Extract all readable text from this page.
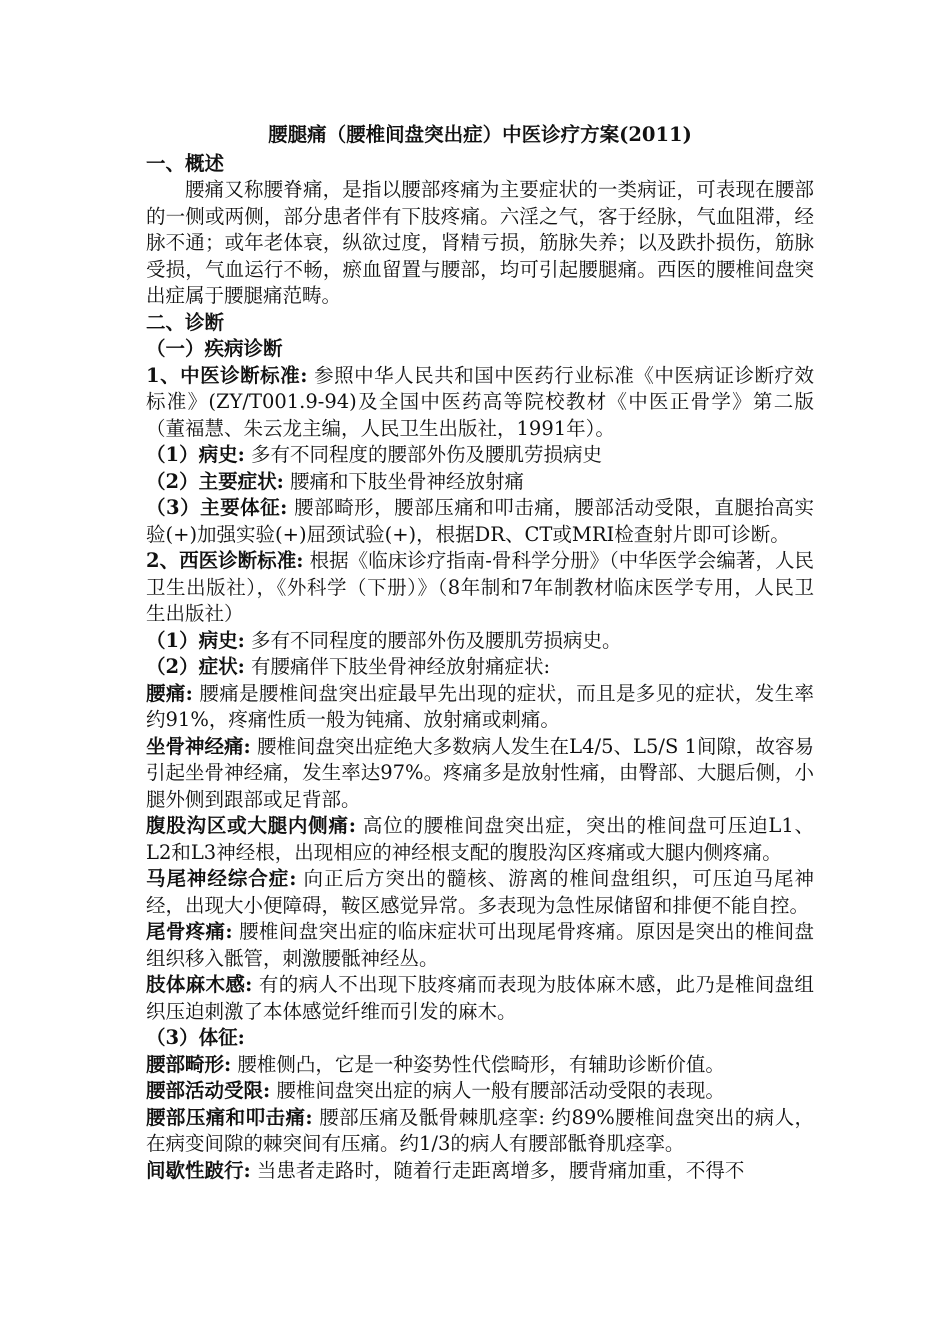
腰腿痛（腰椎间盘突出症）中医诊疗方案(2011)
一、概述

腰痛又称腰脊痛，是指以腰部疼痛为主要症状的一类病证，可表现在腰部的一侧或两侧，部分患者伴有下肢疼痛。六淫之气，客于经脉，气血阻滞，经脉不通；或年老体衰，纵欲过度，肾精亏损，筋脉失养；以及跌扑损伤，筋脉受损，气血运行不畅，瘀血留置与腰部，均可引起腰腿痛。西医的腰椎间盘突出症属于腰腿痛范畴。

二、诊断
（一）疾病诊断

1、中医诊断标准: 参照中华人民共和国中医药行业标准《中医病证诊断疗效标准》(ZY/T001.9-94)及全国中医药高等院校教材《中医正骨学》第二版（董福慧、朱云龙主编，人民卫生出版社，1991年）。

（1）病史: 多有不同程度的腰部外伤及腰肌劳损病史

（2）主要症状: 腰痛和下肢坐骨神经放射痛

（3）主要体征: 腰部畸形，腰部压痛和叩击痛，腰部活动受限，直腿抬高实验(+)加强实验(+)屈颈试验(+)，根据DR、CT或MRI检查射片即可诊断。

2、西医诊断标准: 根据《临床诊疗指南-骨科学分册》（中华医学会编著，人民卫生出版社），《外科学（下册）》（8年制和7年制教材临床医学专用，人民卫生出版社）

（1）病史: 多有不同程度的腰部外伤及腰肌劳损病史。

（2）症状: 有腰痛伴下肢坐骨神经放射痛症状:

腰痛: 腰痛是腰椎间盘突出症最早先出现的症状，而且是多见的症状，发生率约91%，疼痛性质一般为钝痛、放射痛或刺痛。

坐骨神经痛: 腰椎间盘突出症绝大多数病人发生在L4/5、L5/S 1间隙，故容易引起坐骨神经痛，发生率达97%。疼痛多是放射性痛，由臀部、大腿后侧，小腿外侧到跟部或足背部。

腹股沟区或大腿内侧痛: 高位的腰椎间盘突出症，突出的椎间盘可压迫L1、L2和L3神经根，出现相应的神经根支配的腹股沟区疼痛或大腿内侧疼痛。

马尾神经综合症: 向正后方突出的髓核、游离的椎间盘组织，可压迫马尾神经，出现大小便障碍，鞍区感觉异常。多表现为急性尿储留和排便不能自控。

尾骨疼痛: 腰椎间盘突出症的临床症状可出现尾骨疼痛。原因是突出的椎间盘组织移入骶管，刺激腰骶神经丛。

肢体麻木感: 有的病人不出现下肢疼痛而表现为肢体麻木感，此乃是椎间盘组织压迫刺激了本体感觉纤维而引发的麻木。

（3）体征:

腰部畸形: 腰椎侧凸，它是一种姿势性代偿畸形，有辅助诊断价值。

腰部活动受限: 腰椎间盘突出症的病人一般有腰部活动受限的表现。

腰部压痛和叩击痛: 腰部压痛及骶骨棘肌痉挛: 约89%腰椎间盘突出的病人，在病变间隙的棘突间有压痛。约1/3的病人有腰部骶脊肌痉挛。

间歇性跛行: 当患者走路时，随着行走距离增多，腰背痛加重，不得不
